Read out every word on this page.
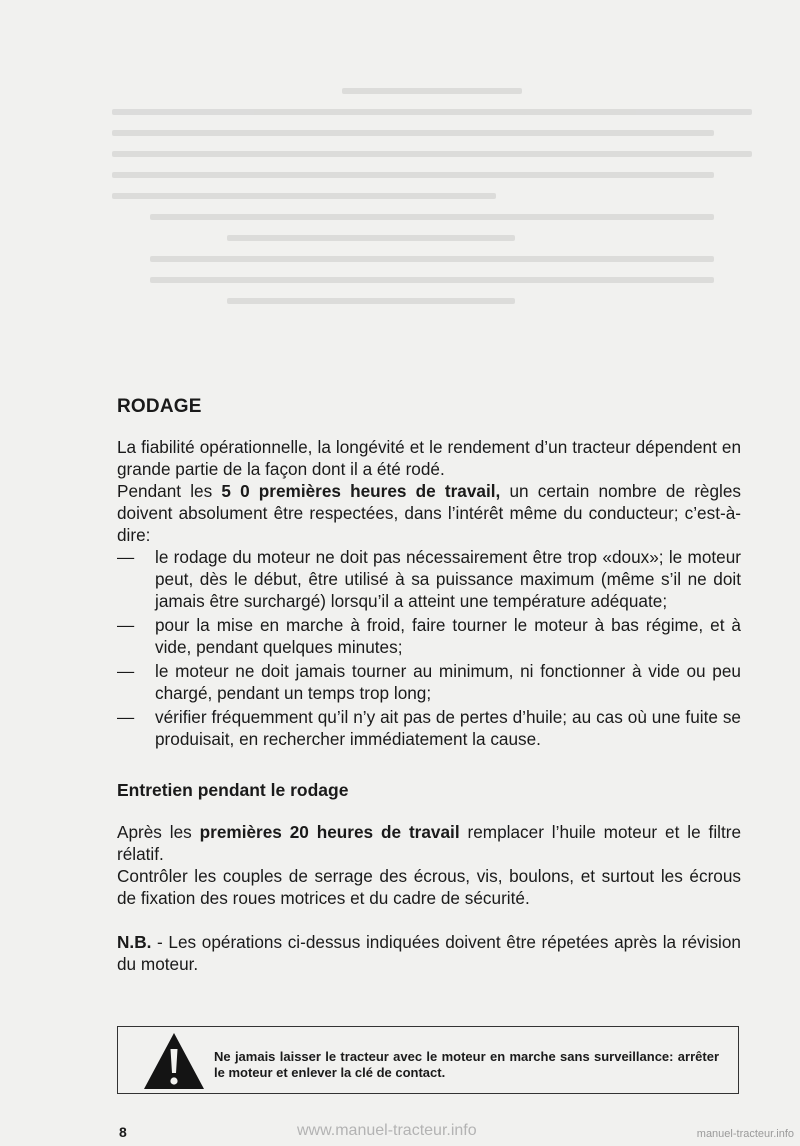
RODAGE

La fiabilité opérationnelle, la longévité et le rendement d’un tracteur dépendent en grande partie de la façon dont il a été rodé.
Pendant les 5 0 premières heures de travail, un certain nombre de règles doivent absolument être respectées, dans l’intérêt même du conducteur; c’est-à-dire:

— le rodage du moteur ne doit pas nécessairement être trop «doux»; le moteur peut, dès le début, être utilisé à sa puissance maximum (même s’il ne doit jamais être surchargé) lorsqu’il a atteint une température adéquate;
— pour la mise en marche à froid, faire tourner le moteur à bas régime, et à vide, pendant quelques minutes;
— le moteur ne doit jamais tourner au minimum, ni fonctionner à vide ou peu chargé, pendant un temps trop long;
— vérifier fréquemment qu’il n’y ait pas de pertes d’huile; au cas où une fuite se produisait, en rechercher immédiatement la cause.
Entretien pendant le rodage

Après les premières 20 heures de travail remplacer l’huile moteur et le filtre rélatif.
Contrôler les couples de serrage des écrous, vis, boulons, et surtout les écrous de fixation des roues motrices et du cadre de sécurité.

N.B. - Les opérations ci-dessus indiquées doivent être répetées après la révision du moteur.

Ne jamais laisser le tracteur avec le moteur en marche sans surveillance: arrêter le moteur et enlever la clé de contact.
8	www.manuel-tracteur.info	manuel-tracteur.info
